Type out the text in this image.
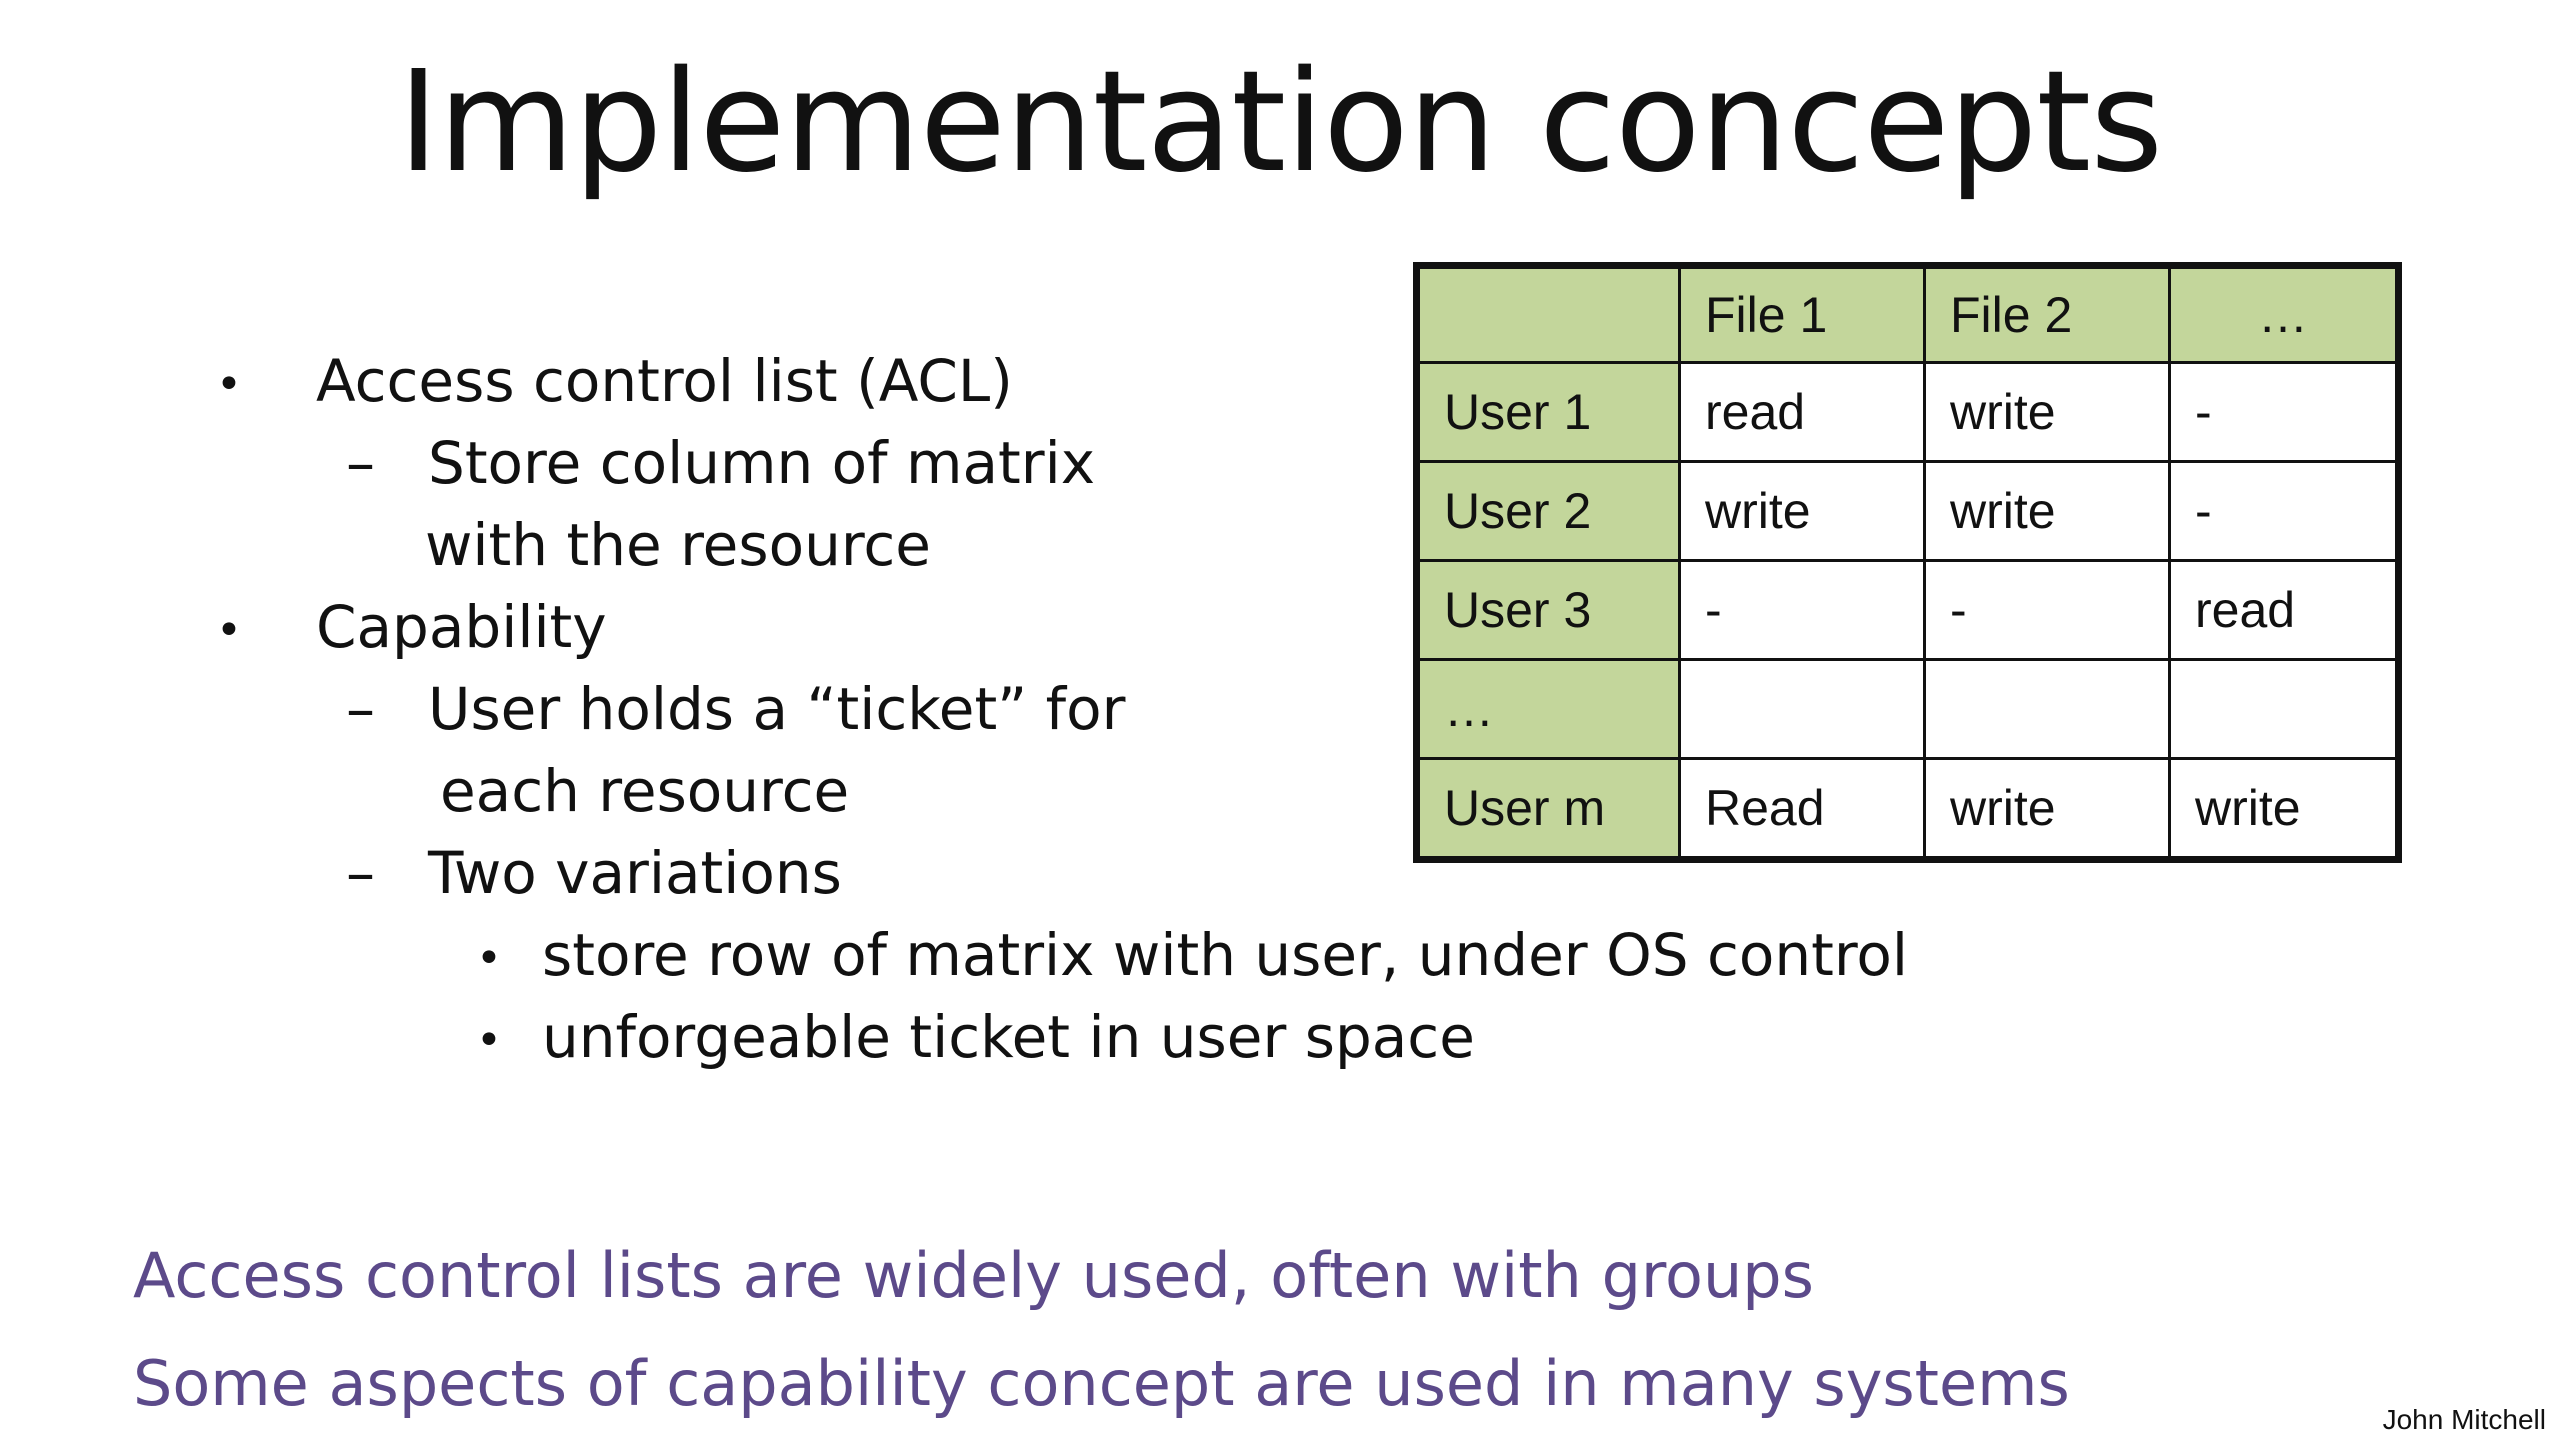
Implementation concepts
• Access control list (ACL)
– Store column of matrix
with the resource
• Capability
– User holds a “ticket” for
each resource
– Two variations
• store row of matrix with user, under OS control
• unforgeable ticket in user space
	File 1	File 2	…
User 1	read	write	-
User 2	write	write	-
User 3	-	-	read
…			
User m	Read	write	write
Access control lists are widely used, often with groups
Some aspects of capability concept are used in many systems	John Mitchell
